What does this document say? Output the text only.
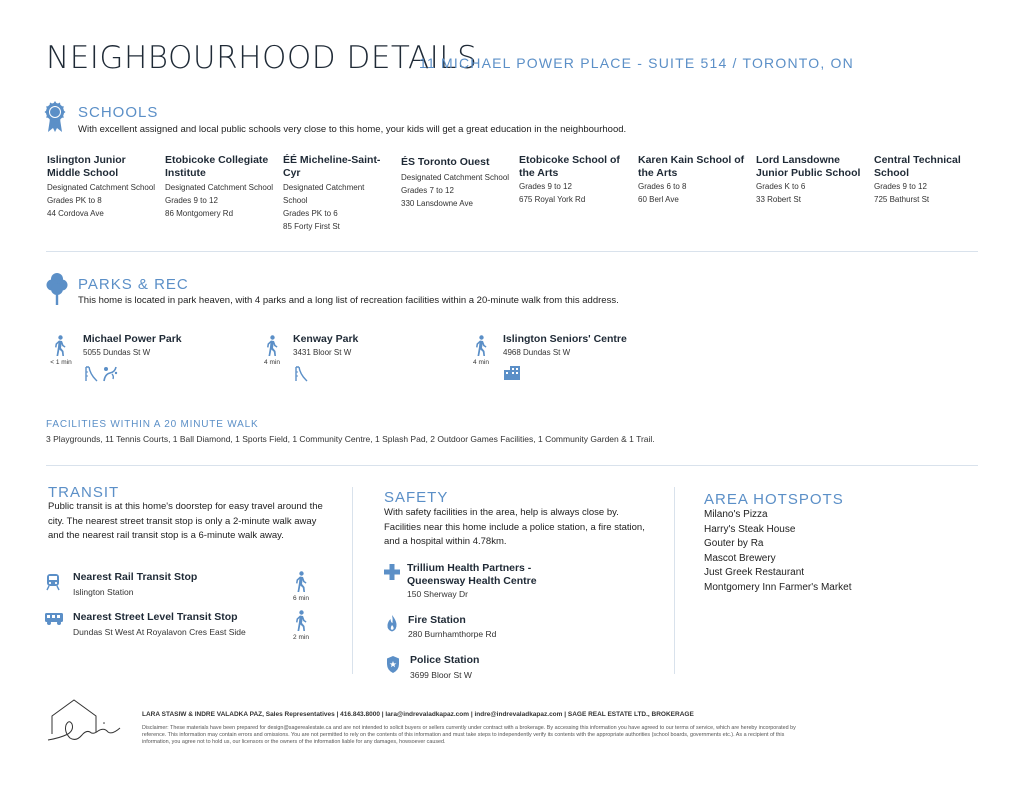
NEIGHBOURHOOD DETAILS
11 MICHAEL POWER PLACE - SUITE 514 / TORONTO, ON
SCHOOLS
With excellent assigned and local public schools very close to this home, your kids will get a great education in the neighbourhood.
Islington Junior Middle School
Designated Catchment School
Grades PK to 8
44 Cordova Ave
Etobicoke Collegiate Institute
Designated Catchment School
Grades 9 to 12
86 Montgomery Rd
ÉÉ Micheline-Saint-Cyr
Designated Catchment School
Grades PK to 6
85 Forty First St
ÉS Toronto Ouest
Designated Catchment School
Grades 7 to 12
330 Lansdowne Ave
Etobicoke School of the Arts
Grades 9 to 12
675 Royal York Rd
Karen Kain School of the Arts
Grades 6 to 8
60 Berl Ave
Lord Lansdowne Junior Public School
Grades K to 6
33 Robert St
Central Technical School
Grades 9 to 12
725 Bathurst St
PARKS & REC
This home is located in park heaven, with 4 parks and a long list of recreation facilities within a 20-minute walk from this address.
< 1 min
Michael Power Park
5055 Dundas St W
4 min
Kenway Park
3431 Bloor St W
4 min
Islington Seniors' Centre
4968 Dundas St W
FACILITIES WITHIN A 20 MINUTE WALK
3 Playgrounds, 11 Tennis Courts, 1 Ball Diamond, 1 Sports Field, 1 Community Centre, 1 Splash Pad, 2 Outdoor Games Facilities, 1 Community Garden & 1 Trail.
TRANSIT
Public transit is at this home's doorstep for easy travel around the city. The nearest street transit stop is only a 2-minute walk away and the nearest rail transit stop is a 6-minute walk away.
Nearest Rail Transit Stop
Islington Station
6 min
Nearest Street Level Transit Stop
Dundas St West At Royalavon Cres East Side
2 min
SAFETY
With safety facilities in the area, help is always close by. Facilities near this home include a police station, a fire station, and a hospital within 4.78km.
Trillium Health Partners - Queensway Health Centre
150 Sherway Dr
Fire Station
280 Burnhamthorpe Rd
Police Station
3699 Bloor St W
AREA HOTSPOTS
Milano's Pizza
Harry's Steak House
Gouter by Ra
Mascot Brewery
Just Greek Restaurant
Montgomery Inn Farmer's Market
LARA STASIW & INDRE VALADKA PAZ, Sales Representatives | 416.843.8000 | lara@indrevaladkapaz.com | indre@indrevaladkapaz.com | SAGE REAL ESTATE LTD., BROKERAGE
Disclaimer: These materials have been prepared for design@sagerealestate.ca and are not intended to solicit buyers or sellers currently under contract with a brokerage. By accessing this information you have agreed to our terms of service, which are hereby incorporated by reference. This information may contain errors and omissions. You are not permitted to rely on the contents of this information and must take steps to independently verify its contents with the appropriate authorities (school boards, governments etc.). As a recipient of this information, you agree not to hold us, our licensors or the owners of the information liable for any damages, howsoever caused.
